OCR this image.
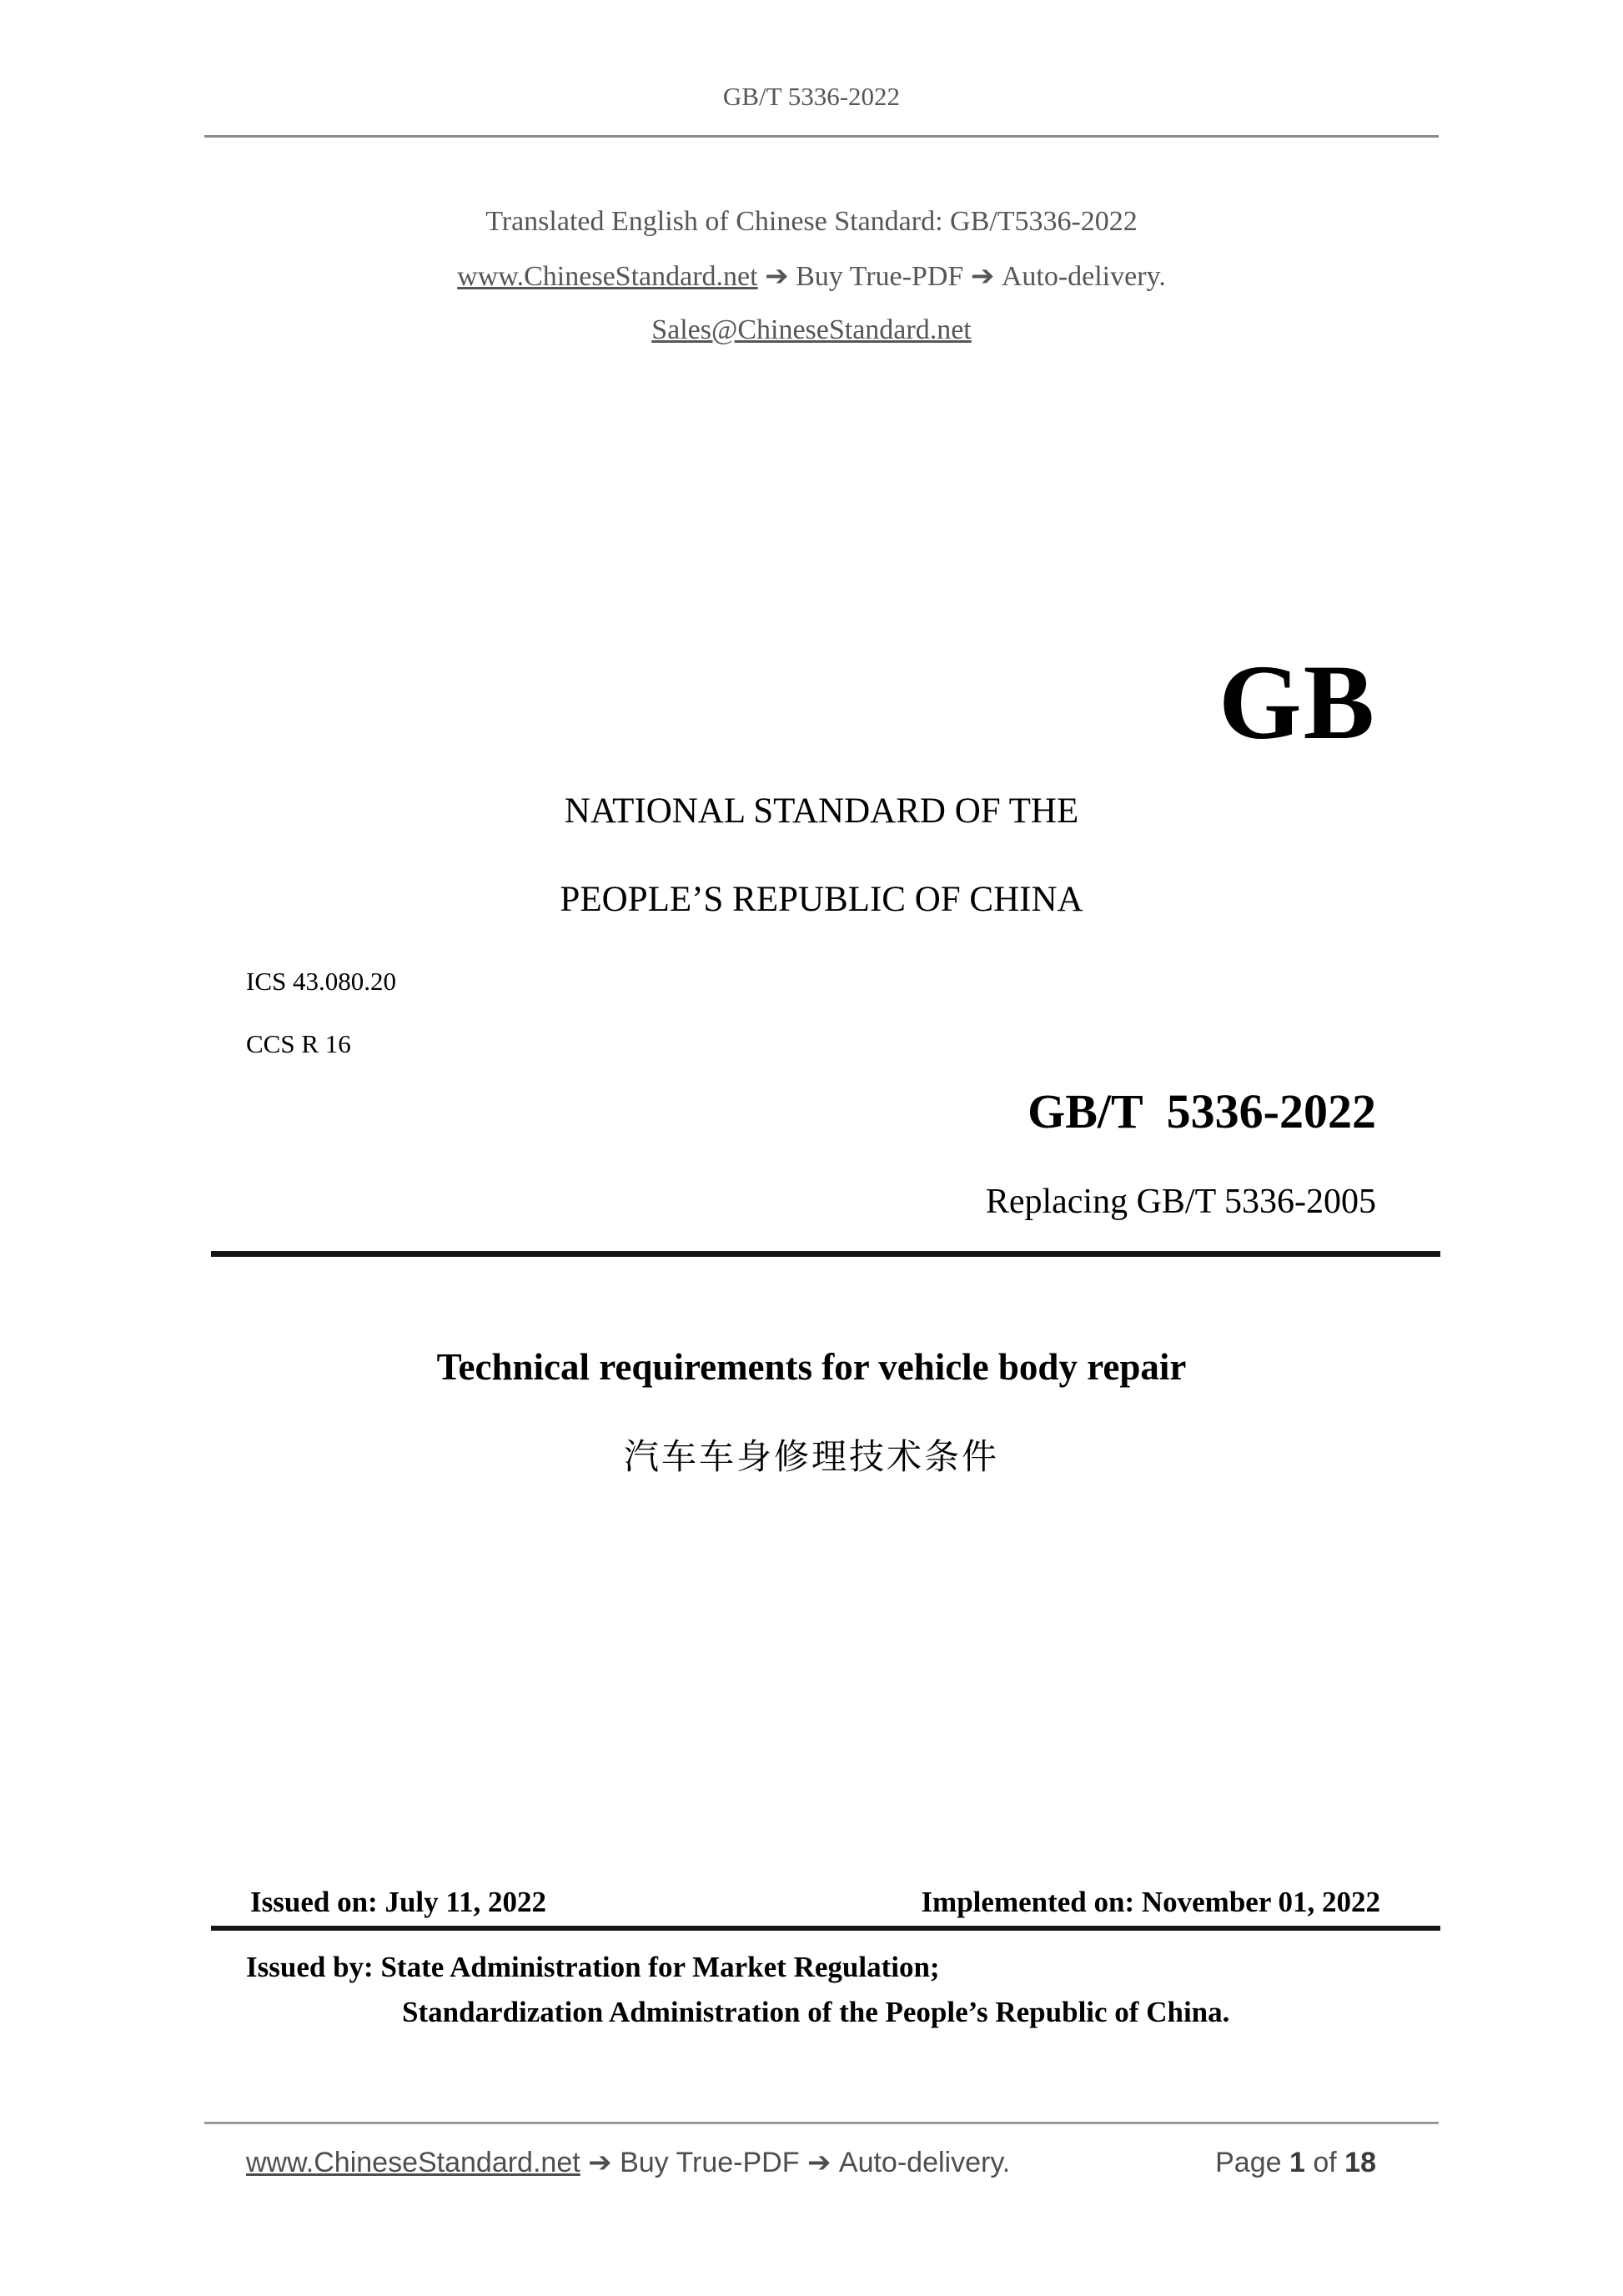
GB/T 5336-2022
Translated English of Chinese Standard: GB/T5336-2022
www.ChineseStandard.net ➔ Buy True-PDF ➔ Auto-delivery.
Sales@ChineseStandard.net
GB
NATIONAL STANDARD OF THE
PEOPLE’S REPUBLIC OF CHINA
ICS 43.080.20
CCS R 16
GB/T  5336-2022
Replacing GB/T 5336-2005
Technical requirements for vehicle body repair
汽车车身修理技术条件
Issued on: July 11, 2022	Implemented on: November 01, 2022
Issued by: State Administration for Market Regulation;
Standardization Administration of the People’s Republic of China.
www.ChineseStandard.net ➔ Buy True-PDF ➔ Auto-delivery.	Page 1 of 18
